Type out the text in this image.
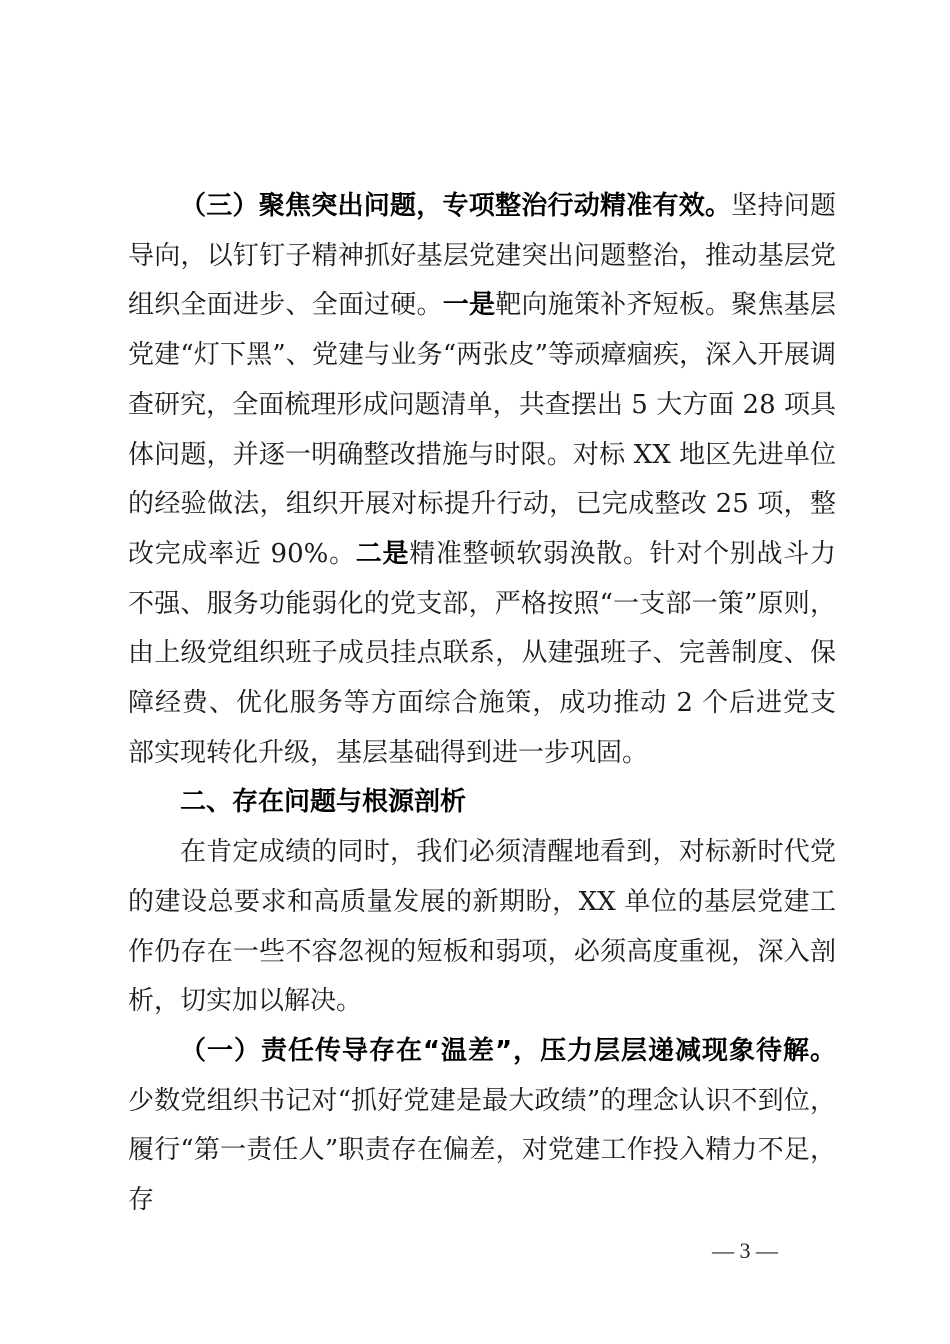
（三）聚焦突出问题，专项整治行动精准有效。坚持问题导向，以钉钉子精神抓好基层党建突出问题整治，推动基层党组织全面进步、全面过硬。一是靶向施策补齐短板。聚焦基层党建“灯下黑”、党建与业务“两张皮”等顽瘴痼疾，深入开展调查研究，全面梳理形成问题清单，共查摆出 5 大方面 28 项具体问题，并逐一明确整改措施与时限。对标 XX 地区先进单位的经验做法，组织开展对标提升行动，已完成整改 25 项，整改完成率近 90%。二是精准整顿软弱涣散。针对个别战斗力不强、服务功能弱化的党支部，严格按照“一支部一策”原则，由上级党组织班子成员挂点联系，从建强班子、完善制度、保障经费、优化服务等方面综合施策，成功推动 2 个后进党支部实现转化升级，基层基础得到进一步巩固。

二、存在问题与根源剖析

在肯定成绩的同时，我们必须清醒地看到，对标新时代党的建设总要求和高质量发展的新期盼，XX 单位的基层党建工作仍存在一些不容忽视的短板和弱项，必须高度重视，深入剖析，切实加以解决。

（一）责任传导存在“温差”，压力层层递减现象待解。少数党组织书记对“抓好党建是最大政绩”的理念认识不到位，履行“第一责任人”职责存在偏差，对党建工作投入精力不足，存

— 3 —
